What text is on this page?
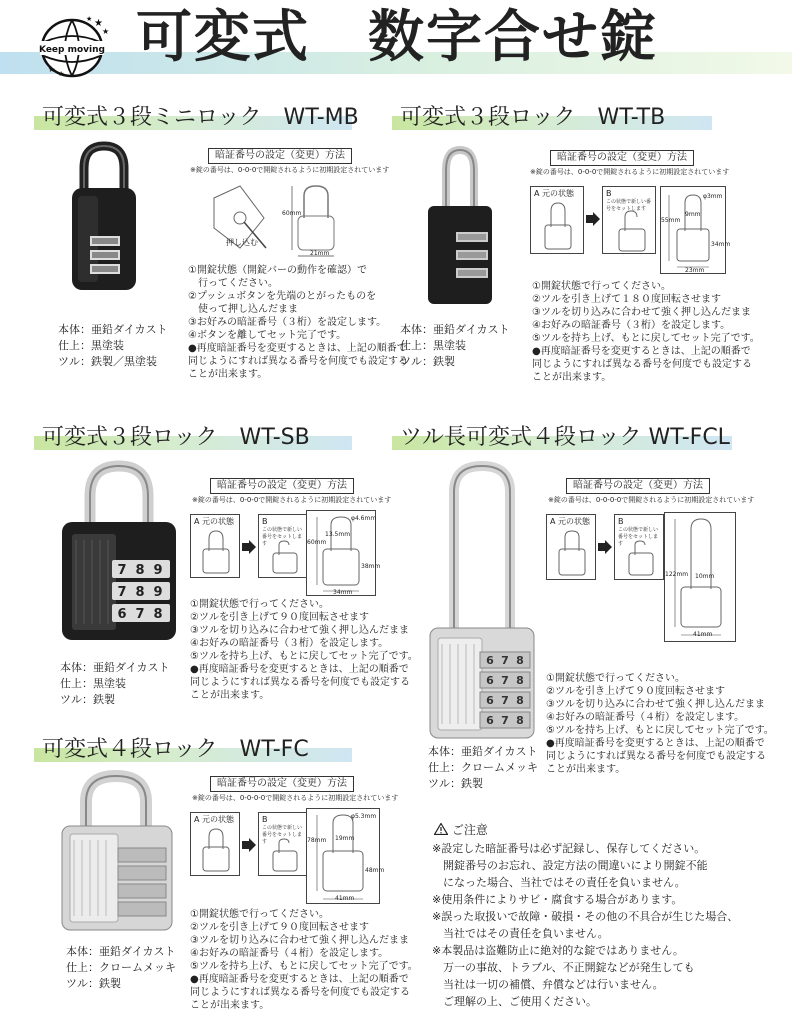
Keep moving
★
★
★
★ ★
可変式　数字合せ錠
可変式３段ミニロック　WT-MB 可変式３段ロック　WT-TB
可変式３段ロック　WT-SB	ツル長可変式４段ロック WT-FCL
可変式４段ロック　WT-FC
7 8 9
7 8 9
6 7 8
6 7 8
6 7 8
6 7 8
6 7 8
本体：亜鉛ダイカスト
仕上：黒塗装
ツル：鉄製／黒塗装
本体：亜鉛ダイカスト
仕上：黒塗装
ツル：鉄製
本体：亜鉛ダイカスト
仕上：黒塗装
ツル：鉄製
本体：亜鉛ダイカスト
仕上：クロームメッキ
ツル：鉄製
本体：亜鉛ダイカスト
仕上：クロームメッキ
ツル：鉄製
暗証番号の設定（変更）方法
※錠の番号は、0-0-0で開錠されるように初期設定されています
押し込む
60mm
21mm
①開錠状態（開錠バーの動作を確認）で
　行ってください。
②プッシュボタンを先端のとがったものを
　使って押し込んだまま
③お好みの暗証番号（３桁）を設定します。
④ボタンを離してセット完了です。
●再度暗証番号を変更するときは、上記の順番で
同じようにすれば異なる番号を何度でも設定する
ことが出来ます。
暗証番号の設定（変更）方法
※錠の番号は、0-0-0で開錠されるように初期設定されています
A 元の状態	B
この状態で新しい番号をセットします
φ3mm
9mm
55mm
34mm
23mm
①開錠状態で行ってください。
②ツルを引き上げて１８０度回転させます
③ツルを切り込みに合わせて強く押し込んだまま
④お好みの暗証番号（３桁）を設定します。
⑤ツルを持ち上げ、もとに戻してセット完了です。
●再度暗証番号を変更するときは、上記の順番で
同じようにすれば異なる番号を何度でも設定する
ことが出来ます。
暗証番号の設定（変更）方法
※錠の番号は、0-0-0で開錠されるように初期設定されています
A 元の状態	B
この状態で新しい番号をセットします
φ4.6mm
13.5mm
60mm
38mm
34mm
①開錠状態で行ってください。
②ツルを引き上げて９０度回転させます
③ツルを切り込みに合わせて強く押し込んだまま
④お好みの暗証番号（３桁）を設定します。
⑤ツルを持ち上げ、もとに戻してセット完了です。
●再度暗証番号を変更するときは、上記の順番で
同じようにすれば異なる番号を何度でも設定する
ことが出来ます。
暗証番号の設定（変更）方法
※錠の番号は、0-0-0-0で開錠されるように初期設定されています
A 元の状態	B
この状態で新しい番号をセットします
122mm 10mm
41mm
①開錠状態で行ってください。
②ツルを引き上げて９０度回転させます
③ツルを切り込みに合わせて強く押し込んだまま
④お好みの暗証番号（４桁）を設定します。
⑤ツルを持ち上げ、もとに戻してセット完了です。
●再度暗証番号を変更するときは、上記の順番で
同じようにすれば異なる番号を何度でも設定する
ことが出来ます。
暗証番号の設定（変更）方法
※錠の番号は、0-0-0-0で開錠されるように初期設定されています
A 元の状態	B
この状態で新しい番号をセットします
φ5.3mm
78mm 19mm
48mm
41mm
①開錠状態で行ってください。
②ツルを引き上げて９０度回転させます
③ツルを切り込みに合わせて強く押し込んだまま
④お好みの暗証番号（４桁）を設定します。
⑤ツルを持ち上げ、もとに戻してセット完了です。
●再度暗証番号を変更するときは、上記の順番で
同じようにすれば異なる番号を何度でも設定する
ことが出来ます。
ご注意
※設定した暗証番号は必ず記録し、保存してください。
　開錠番号のお忘れ、設定方法の間違いにより開錠不能
　になった場合、当社ではその責任を負いません。
※使用条件によりサビ・腐食する場合があります。
※誤った取扱いで故障・破損・その他の不具合が生じた場合、
　当社ではその責任を負いません。
※本製品は盗難防止に絶対的な錠ではありません。
　万一の事故、トラブル、不正開錠などが発生しても
　当社は一切の補償、弁償などは行いません。
　ご理解の上、ご使用ください。
